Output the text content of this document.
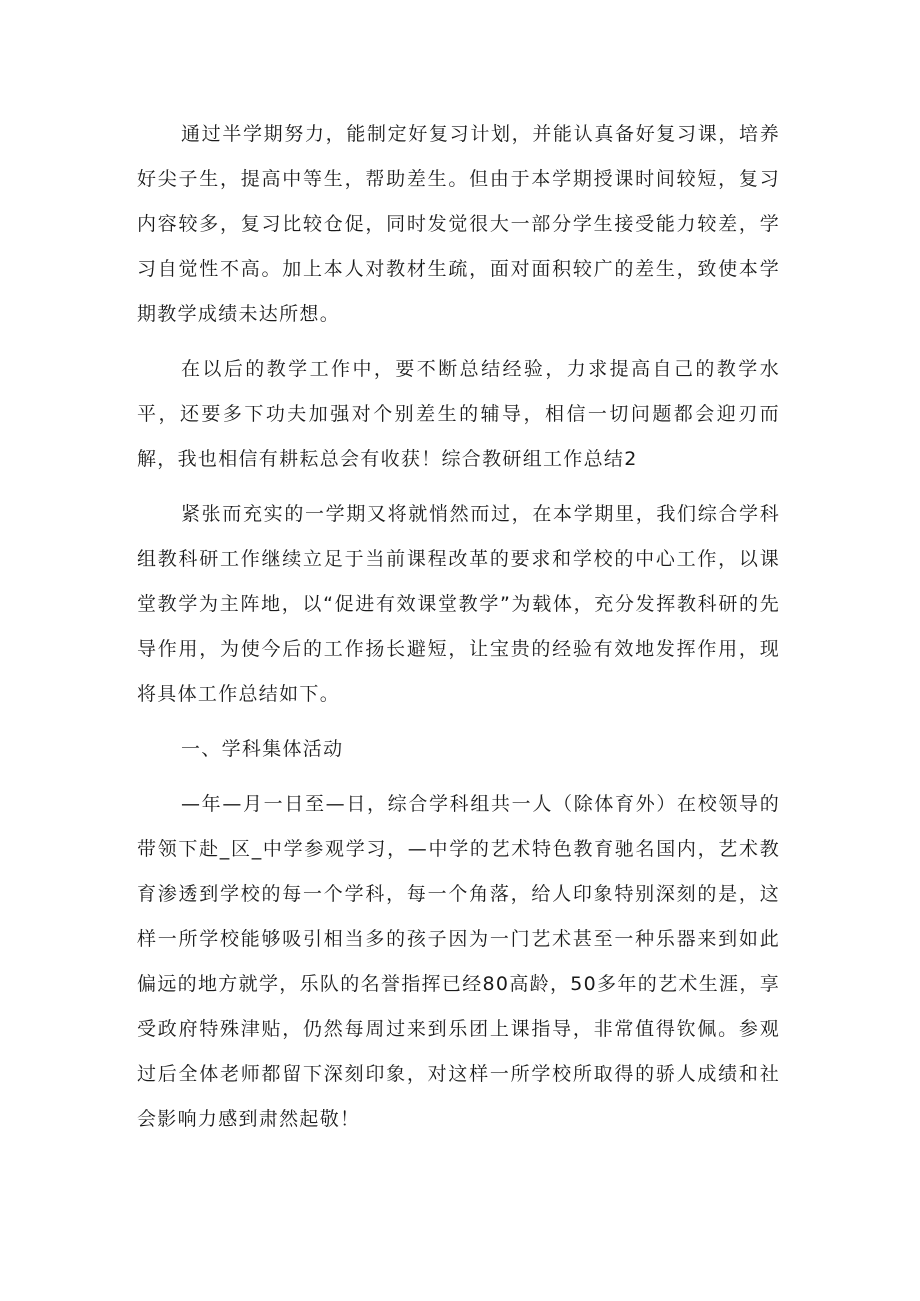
通过半学期努力，能制定好复习计划，并能认真备好复习课，培养好尖子生，提高中等生，帮助差生。但由于本学期授课时间较短，复习内容较多，复习比较仓促，同时发觉很大一部分学生接受能力较差，学习自觉性不高。加上本人对教材生疏，面对面积较广的差生，致使本学期教学成绩未达所想。

在以后的教学工作中，要不断总结经验，力求提高自己的教学水平，还要多下功夫加强对个别差生的辅导，相信一切问题都会迎刃而解，我也相信有耕耘总会有收获！综合教研组工作总结2

紧张而充实的一学期又将就悄然而过，在本学期里，我们综合学科组教科研工作继续立足于当前课程改革的要求和学校的中心工作，以课堂教学为主阵地，以“促进有效课堂教学”为载体，充分发挥教科研的先导作用，为使今后的工作扬长避短，让宝贵的经验有效地发挥作用，现将具体工作总结如下。

一、学科集体活动

—年—月一日至—日，综合学科组共一人（除体育外）在校领导的带领下赴_区_中学参观学习，—中学的艺术特色教育驰名国内，艺术教育渗透到学校的每一个学科，每一个角落，给人印象特别深刻的是，这样一所学校能够吸引相当多的孩子因为一门艺术甚至一种乐器来到如此偏远的地方就学，乐队的名誉指挥已经80高龄，50多年的艺术生涯，享受政府特殊津贴，仍然每周过来到乐团上课指导，非常值得钦佩。参观过后全体老师都留下深刻印象，对这样一所学校所取得的骄人成绩和社会影响力感到肃然起敬！
